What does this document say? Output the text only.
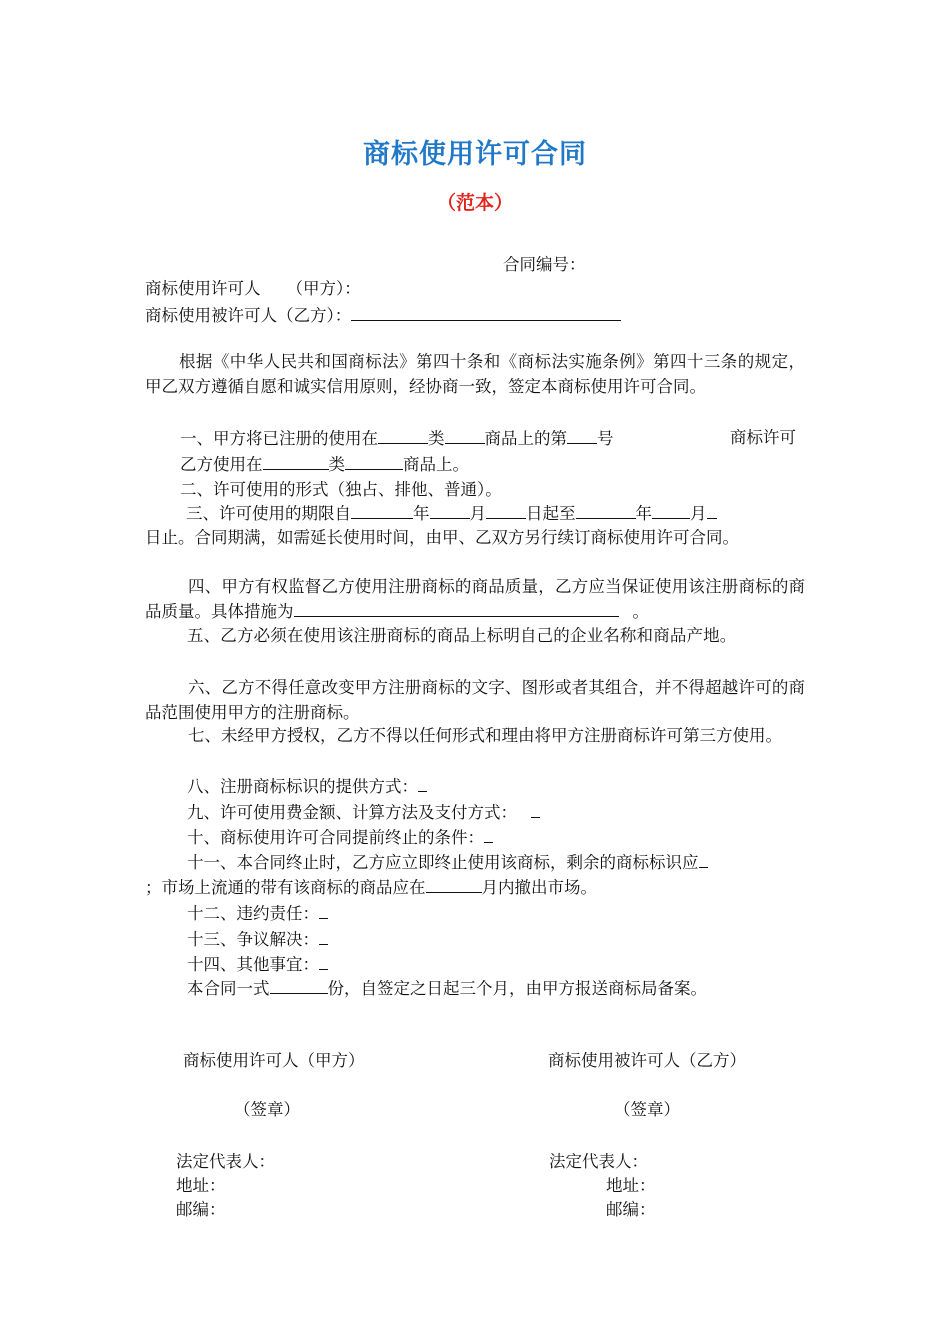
商标使用许可合同
（范本）
合同编号：
商标使用许可人 （甲方）：
商标使用被许可人（乙方）：
根据《中华人民共和国商标法》第四十条和《商标法实施条例》第四十三条的规定，甲乙双方遵循自愿和诚实信用原则，经协商一致，签定本商标使用许可合同。
一、甲方将已注册的使用在	类 商品上的第 号	商标许可
乙方使用在	类	商品上。
二、许可使用的形式（独占、排他、普通）。
三、许可使用的期限自	年 月 日起至	年 月
日止。合同期满，如需延长使用时间，由甲、乙双方另行续订商标使用许可合同。
四、甲方有权监督乙方使用注册商标的商品质量，乙方应当保证使用该注册商标的商品质量。具体措施为	。
五、乙方必须在使用该注册商标的商品上标明自己的企业名称和商品产地。
六、乙方不得任意改变甲方注册商标的文字、图形或者其组合，并不得超越许可的商品范围使用甲方的注册商标。
七、未经甲方授权，乙方不得以任何形式和理由将甲方注册商标许可第三方使用。
八、注册商标标识的提供方式：
九、许可使用费金额、计算方法及支付方式：
十、商标使用许可合同提前终止的条件：
十一、本合同终止时，乙方应立即终止使用该商标，剩余的商标标识应
；市场上流通的带有该商标的商品应在	月内撤出市场。
十二、违约责任：
十三、争议解决：
十四、其他事宜：
本合同一式	份，自签定之日起三个月，由甲方报送商标局备案。
商标使用许可人（甲方）	商标使用被许可人（乙方）
（签章）	（签章）
法定代表人：	法定代表人：
地址：	地址：
邮编：	邮编：
